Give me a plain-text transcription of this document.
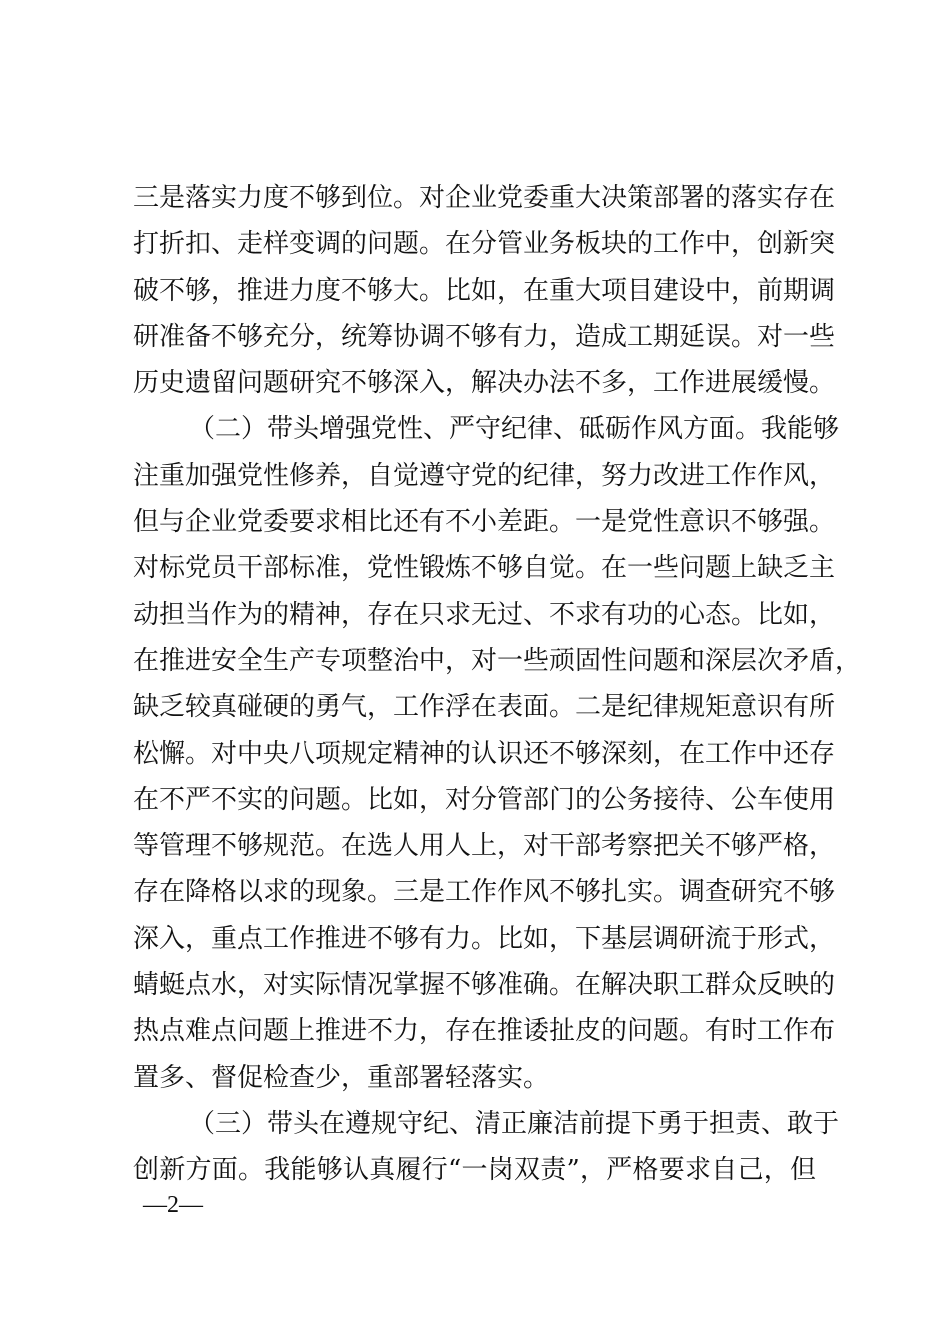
三是落实力度不够到位。对企业党委重大决策部署的落实存在
打折扣、走样变调的问题。在分管业务板块的工作中，创新突
破不够，推进力度不够大。比如，在重大项目建设中，前期调
研准备不够充分，统筹协调不够有力，造成工期延误。对一些
历史遗留问题研究不够深入，解决办法不多，工作进展缓慢。
（二）带头增强党性、严守纪律、砥砺作风方面。我能够
注重加强党性修养，自觉遵守党的纪律，努力改进工作作风，
但与企业党委要求相比还有不小差距。一是党性意识不够强。
对标党员干部标准，党性锻炼不够自觉。在一些问题上缺乏主
动担当作为的精神，存在只求无过、不求有功的心态。比如，
在推进安全生产专项整治中，对一些顽固性问题和深层次矛盾，
缺乏较真碰硬的勇气，工作浮在表面。二是纪律规矩意识有所
松懈。对中央八项规定精神的认识还不够深刻，在工作中还存
在不严不实的问题。比如，对分管部门的公务接待、公车使用
等管理不够规范。在选人用人上，对干部考察把关不够严格，
存在降格以求的现象。三是工作作风不够扎实。调查研究不够
深入，重点工作推进不够有力。比如，下基层调研流于形式，
蜻蜓点水，对实际情况掌握不够准确。在解决职工群众反映的
热点难点问题上推进不力，存在推诿扯皮的问题。有时工作布
置多、督促检查少，重部署轻落实。
（三）带头在遵规守纪、清正廉洁前提下勇于担责、敢于
创新方面。我能够认真履行“一岗双责”，严格要求自己，但
—2—
